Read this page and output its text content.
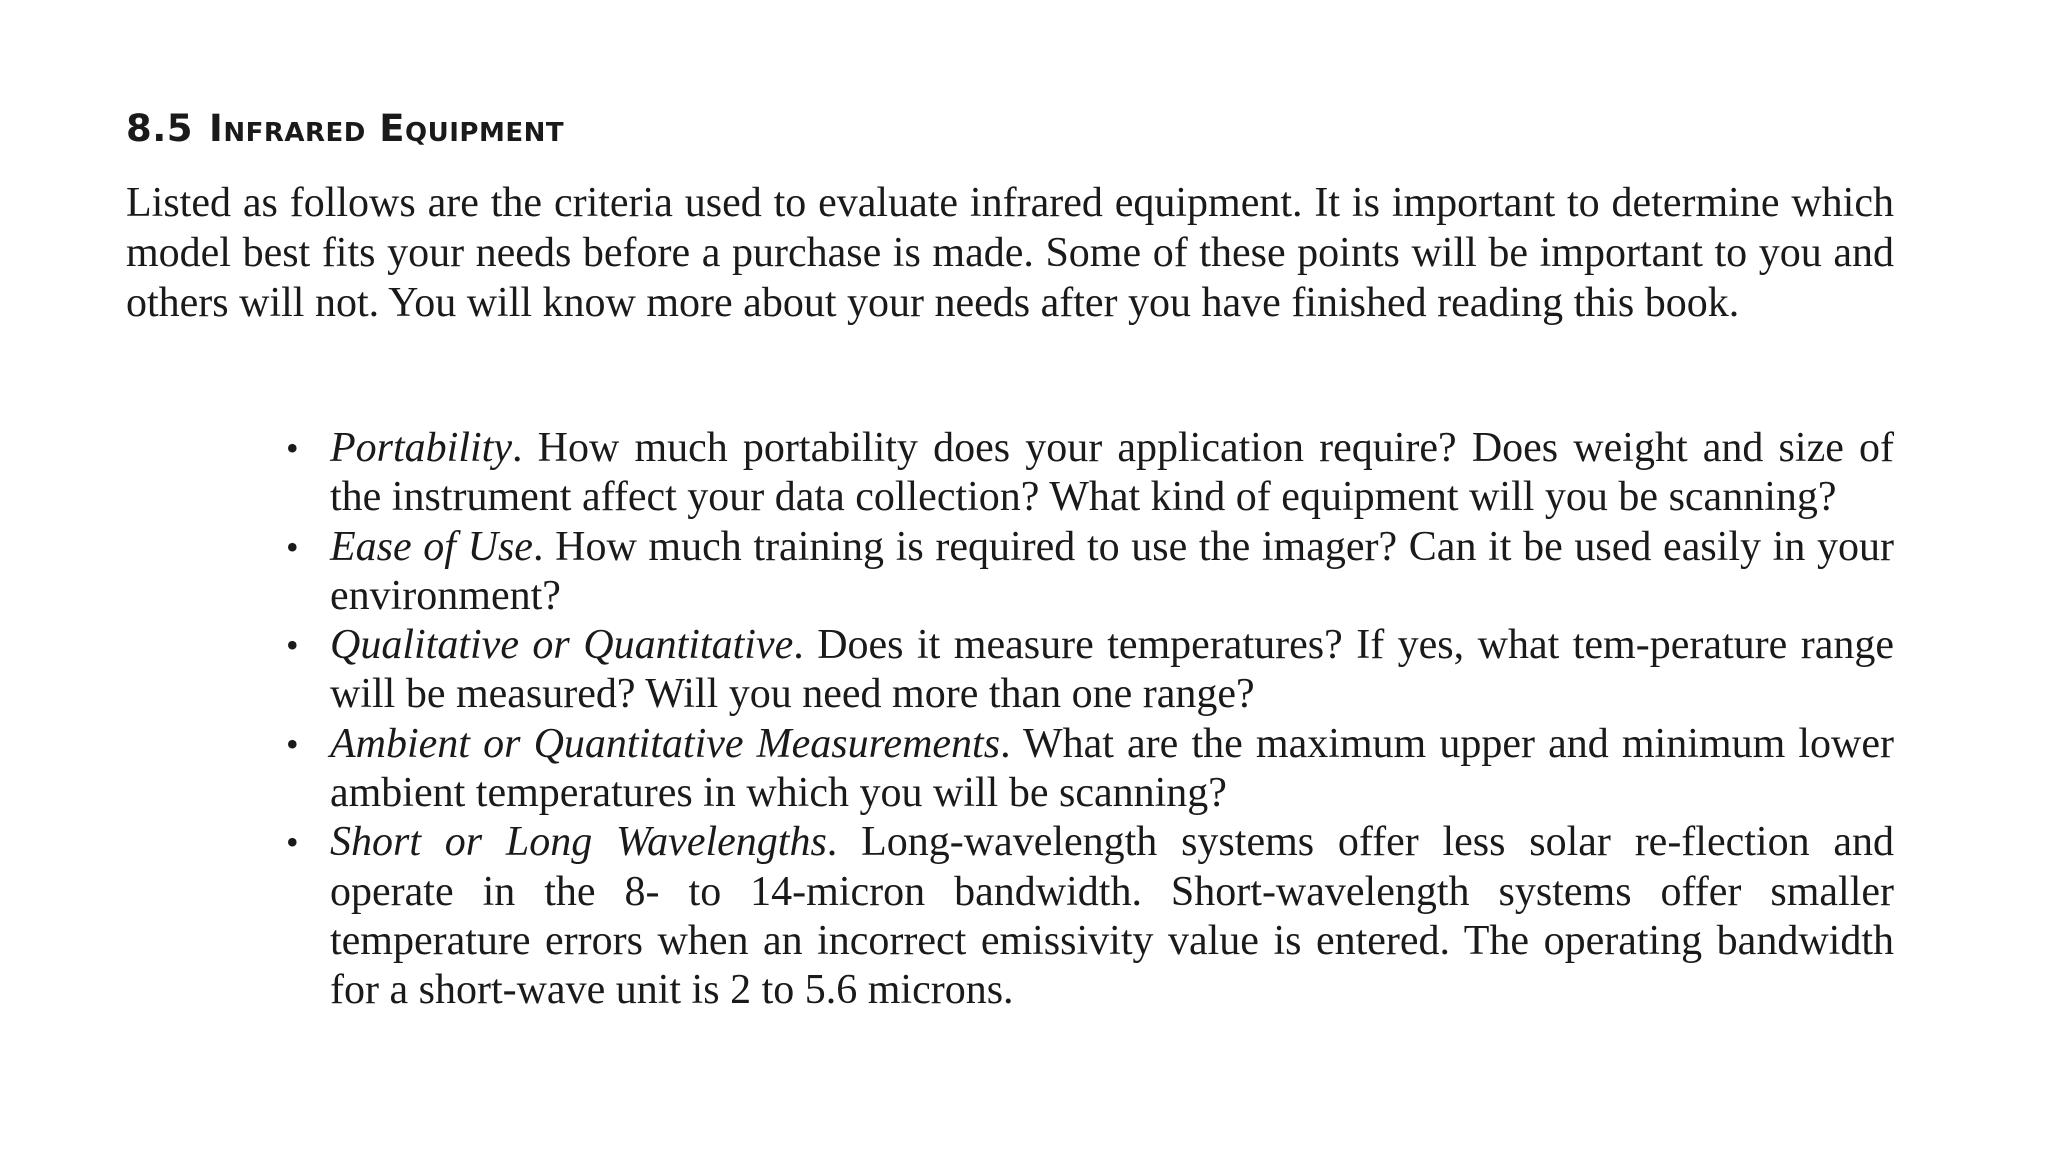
8.5 Infrared Equipment

Listed as follows are the criteria used to evaluate infrared equipment. It is important to determine which model best fits your needs before a purchase is made. Some of these points will be important to you and others will not. You will know more about your needs after you have finished reading this book.

• Portability. How much portability does your application require? Does weight and size of the instrument affect your data collection? What kind of equipment will you be scanning?
• Ease of Use. How much training is required to use the imager? Can it be used easily in your environment?
• Qualitative or Quantitative. Does it measure temperatures? If yes, what tem-perature range will be measured? Will you need more than one range?
• Ambient or Quantitative Measurements. What are the maximum upper and minimum lower ambient temperatures in which you will be scanning?
• Short or Long Wavelengths. Long-wavelength systems offer less solar re-flection and operate in the 8- to 14-micron bandwidth. Short-wavelength systems offer smaller temperature errors when an incorrect emissivity value is entered. The operating bandwidth for a short-wave unit is 2 to 5.6 microns.
